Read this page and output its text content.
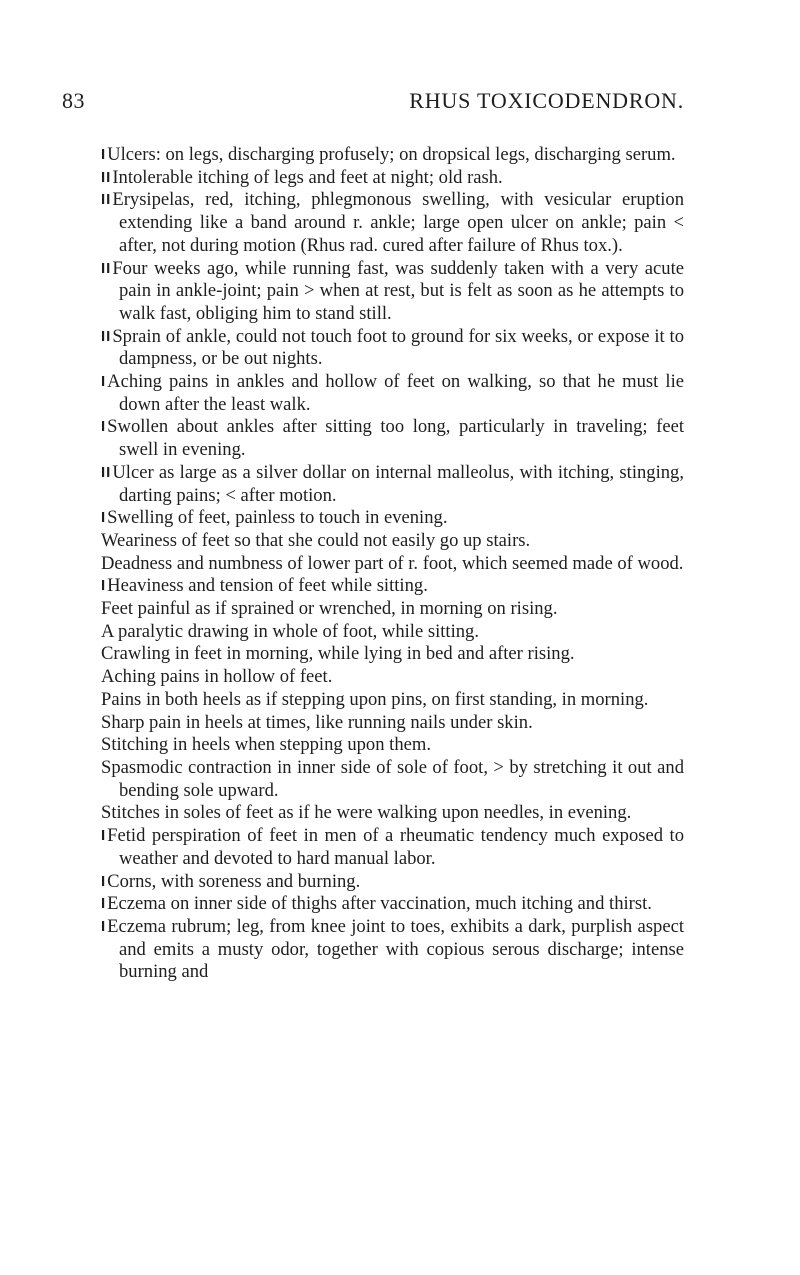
83	RHUS TOXICODENDRON.

IUlcers: on legs, discharging profusely; on dropsical legs, discharging serum.

IIIntolerable itching of legs and feet at night; old rash.

IIErysipelas, red, itching, phlegmonous swelling, with vesicular eruption extending like a band around r. ankle; large open ulcer on ankle; pain < after, not during motion (Rhus rad. cured after failure of Rhus tox.).

IIFour weeks ago, while running fast, was suddenly taken with a very acute pain in ankle-joint; pain > when at rest, but is felt as soon as he attempts to walk fast, obliging him to stand still.

IISprain of ankle, could not touch foot to ground for six weeks, or expose it to dampness, or be out nights.

IAching pains in ankles and hollow of feet on walking, so that he must lie down after the least walk.

ISwollen about ankles after sitting too long, particularly in traveling; feet swell in evening.

IIUlcer as large as a silver dollar on internal malleolus, with itching, stinging, darting pains; < after motion.

ISwelling of feet, painless to touch in evening.

Weariness of feet so that she could not easily go up stairs.

Deadness and numbness of lower part of r. foot, which seemed made of wood.

IHeaviness and tension of feet while sitting.

Feet painful as if sprained or wrenched, in morning on rising.

A paralytic drawing in whole of foot, while sitting.

Crawling in feet in morning, while lying in bed and after rising.

Aching pains in hollow of feet.

Pains in both heels as if stepping upon pins, on first standing, in morning.

Sharp pain in heels at times, like running nails under skin.

Stitching in heels when stepping upon them.

Spasmodic contraction in inner side of sole of foot, > by stretching it out and bending sole upward.

Stitches in soles of feet as if he were walking upon needles, in evening.

IFetid perspiration of feet in men of a rheumatic tendency much exposed to weather and devoted to hard manual labor.

ICorns, with soreness and burning.

IEczema on inner side of thighs after vaccination, much itching and thirst.

IEczema rubrum; leg, from knee joint to toes, exhibits a dark, purplish aspect and emits a musty odor, together with copious serous discharge; intense burning and
